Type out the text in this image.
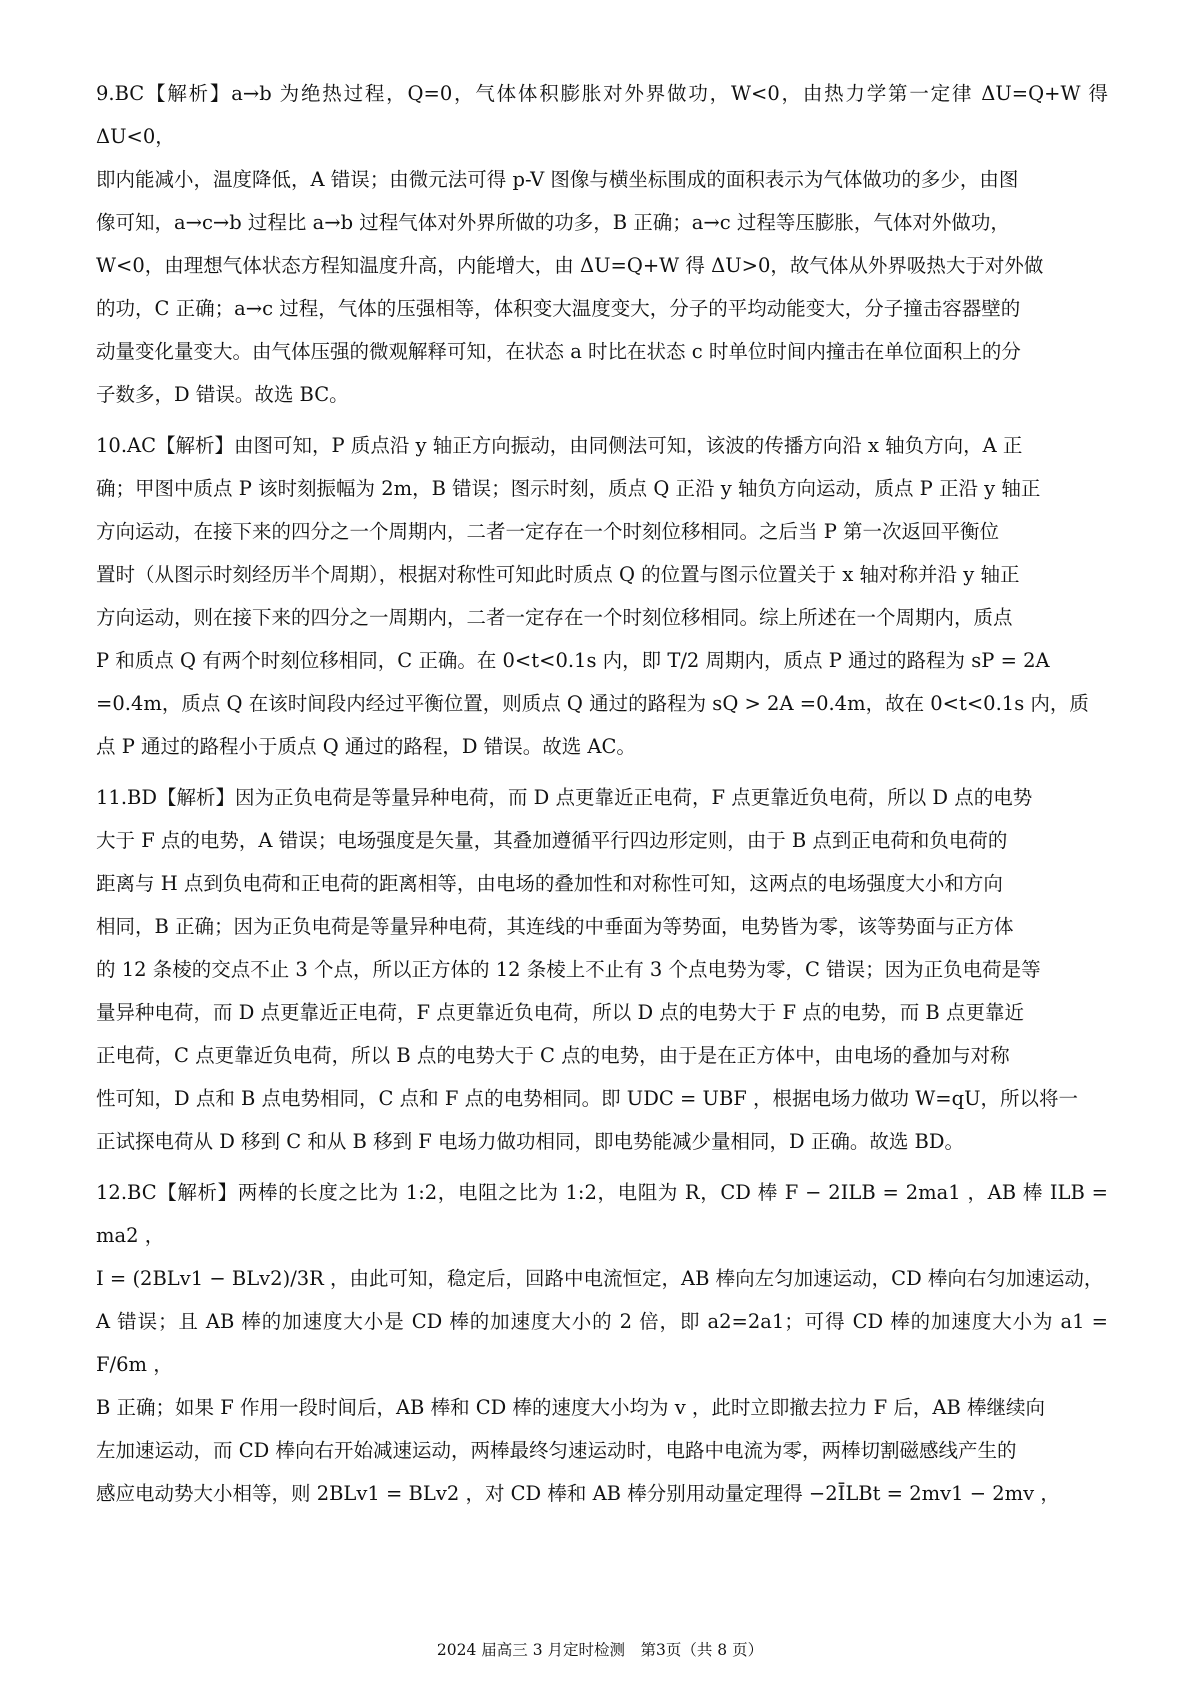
9.BC【解析】a→b 为绝热过程，Q=0，气体体积膨胀对外界做功，W<0，由热力学第一定律 ΔU=Q+W 得 ΔU<0，

即内能减小，温度降低，A 错误；由微元法可得 p-V 图像与横坐标围成的面积表示为气体做功的多少，由图

像可知，a→c→b 过程比 a→b 过程气体对外界所做的功多，B 正确；a→c 过程等压膨胀，气体对外做功，

W<0，由理想气体状态方程知温度升高，内能增大，由 ΔU=Q+W 得 ΔU>0，故气体从外界吸热大于对外做

的功，C 正确；a→c 过程，气体的压强相等，体积变大温度变大，分子的平均动能变大，分子撞击容器壁的

动量变化量变大。由气体压强的微观解释可知，在状态 a 时比在状态 c 时单位时间内撞击在单位面积上的分

子数多，D 错误。故选 BC。

10.AC【解析】由图可知，P 质点沿 y 轴正方向振动，由同侧法可知，该波的传播方向沿 x 轴负方向，A 正

确；甲图中质点 P 该时刻振幅为 2m，B 错误；图示时刻，质点 Q 正沿 y 轴负方向运动，质点 P 正沿 y 轴正

方向运动，在接下来的四分之一个周期内，二者一定存在一个时刻位移相同。之后当 P 第一次返回平衡位

置时（从图示时刻经历半个周期），根据对称性可知此时质点 Q 的位置与图示位置关于 x 轴对称并沿 y 轴正

方向运动，则在接下来的四分之一周期内，二者一定存在一个时刻位移相同。综上所述在一个周期内，质点

P 和质点 Q 有两个时刻位移相同，C 正确。在 0<t<0.1s 内，即 T/2 周期内，质点 P 通过的路程为 sP = 2A

=0.4m，质点 Q 在该时间段内经过平衡位置，则质点 Q 通过的路程为 sQ > 2A =0.4m，故在 0<t<0.1s 内，质

点 P 通过的路程小于质点 Q 通过的路程，D 错误。故选 AC。

11.BD【解析】因为正负电荷是等量异种电荷，而 D 点更靠近正电荷，F 点更靠近负电荷，所以 D 点的电势

大于 F 点的电势，A 错误；电场强度是矢量，其叠加遵循平行四边形定则，由于 B 点到正电荷和负电荷的

距离与 H 点到负电荷和正电荷的距离相等，由电场的叠加性和对称性可知，这两点的电场强度大小和方向

相同，B 正确；因为正负电荷是等量异种电荷，其连线的中垂面为等势面，电势皆为零，该等势面与正方体

的 12 条棱的交点不止 3 个点，所以正方体的 12 条棱上不止有 3 个点电势为零，C 错误；因为正负电荷是等

量异种电荷，而 D 点更靠近正电荷，F 点更靠近负电荷，所以 D 点的电势大于 F 点的电势，而 B 点更靠近

正电荷，C 点更靠近负电荷，所以 B 点的电势大于 C 点的电势，由于是在正方体中，由电场的叠加与对称

性可知，D 点和 B 点电势相同，C 点和 F 点的电势相同。即 UDC = UBF ，根据电场力做功 W=qU，所以将一

正试探电荷从 D 移到 C 和从 B 移到 F 电场力做功相同，即电势能减少量相同，D 正确。故选 BD。

12.BC【解析】两棒的长度之比为 1:2，电阻之比为 1:2，电阻为 R，CD 棒 F − 2ILB = 2ma1 ，AB 棒 ILB = ma2 ，

I = (2BLv1 − BLv2)/3R ，由此可知，稳定后，回路中电流恒定，AB 棒向左匀加速运动，CD 棒向右匀加速运动，

A 错误；且 AB 棒的加速度大小是 CD 棒的加速度大小的 2 倍，即 a2=2a1；可得 CD 棒的加速度大小为 a1 = F/6m ，

B 正确；如果 F 作用一段时间后，AB 棒和 CD 棒的速度大小均为 v ，此时立即撤去拉力 F 后，AB 棒继续向

左加速运动，而 CD 棒向右开始减速运动，两棒最终匀速运动时，电路中电流为零，两棒切割磁感线产生的

感应电动势大小相等，则 2BLv1 = BLv2 ，对 CD 棒和 AB 棒分别用动量定理得 −2ĪLBt = 2mv1 − 2mv ，

2024 届高三 3 月定时检测　第3页（共 8 页）
